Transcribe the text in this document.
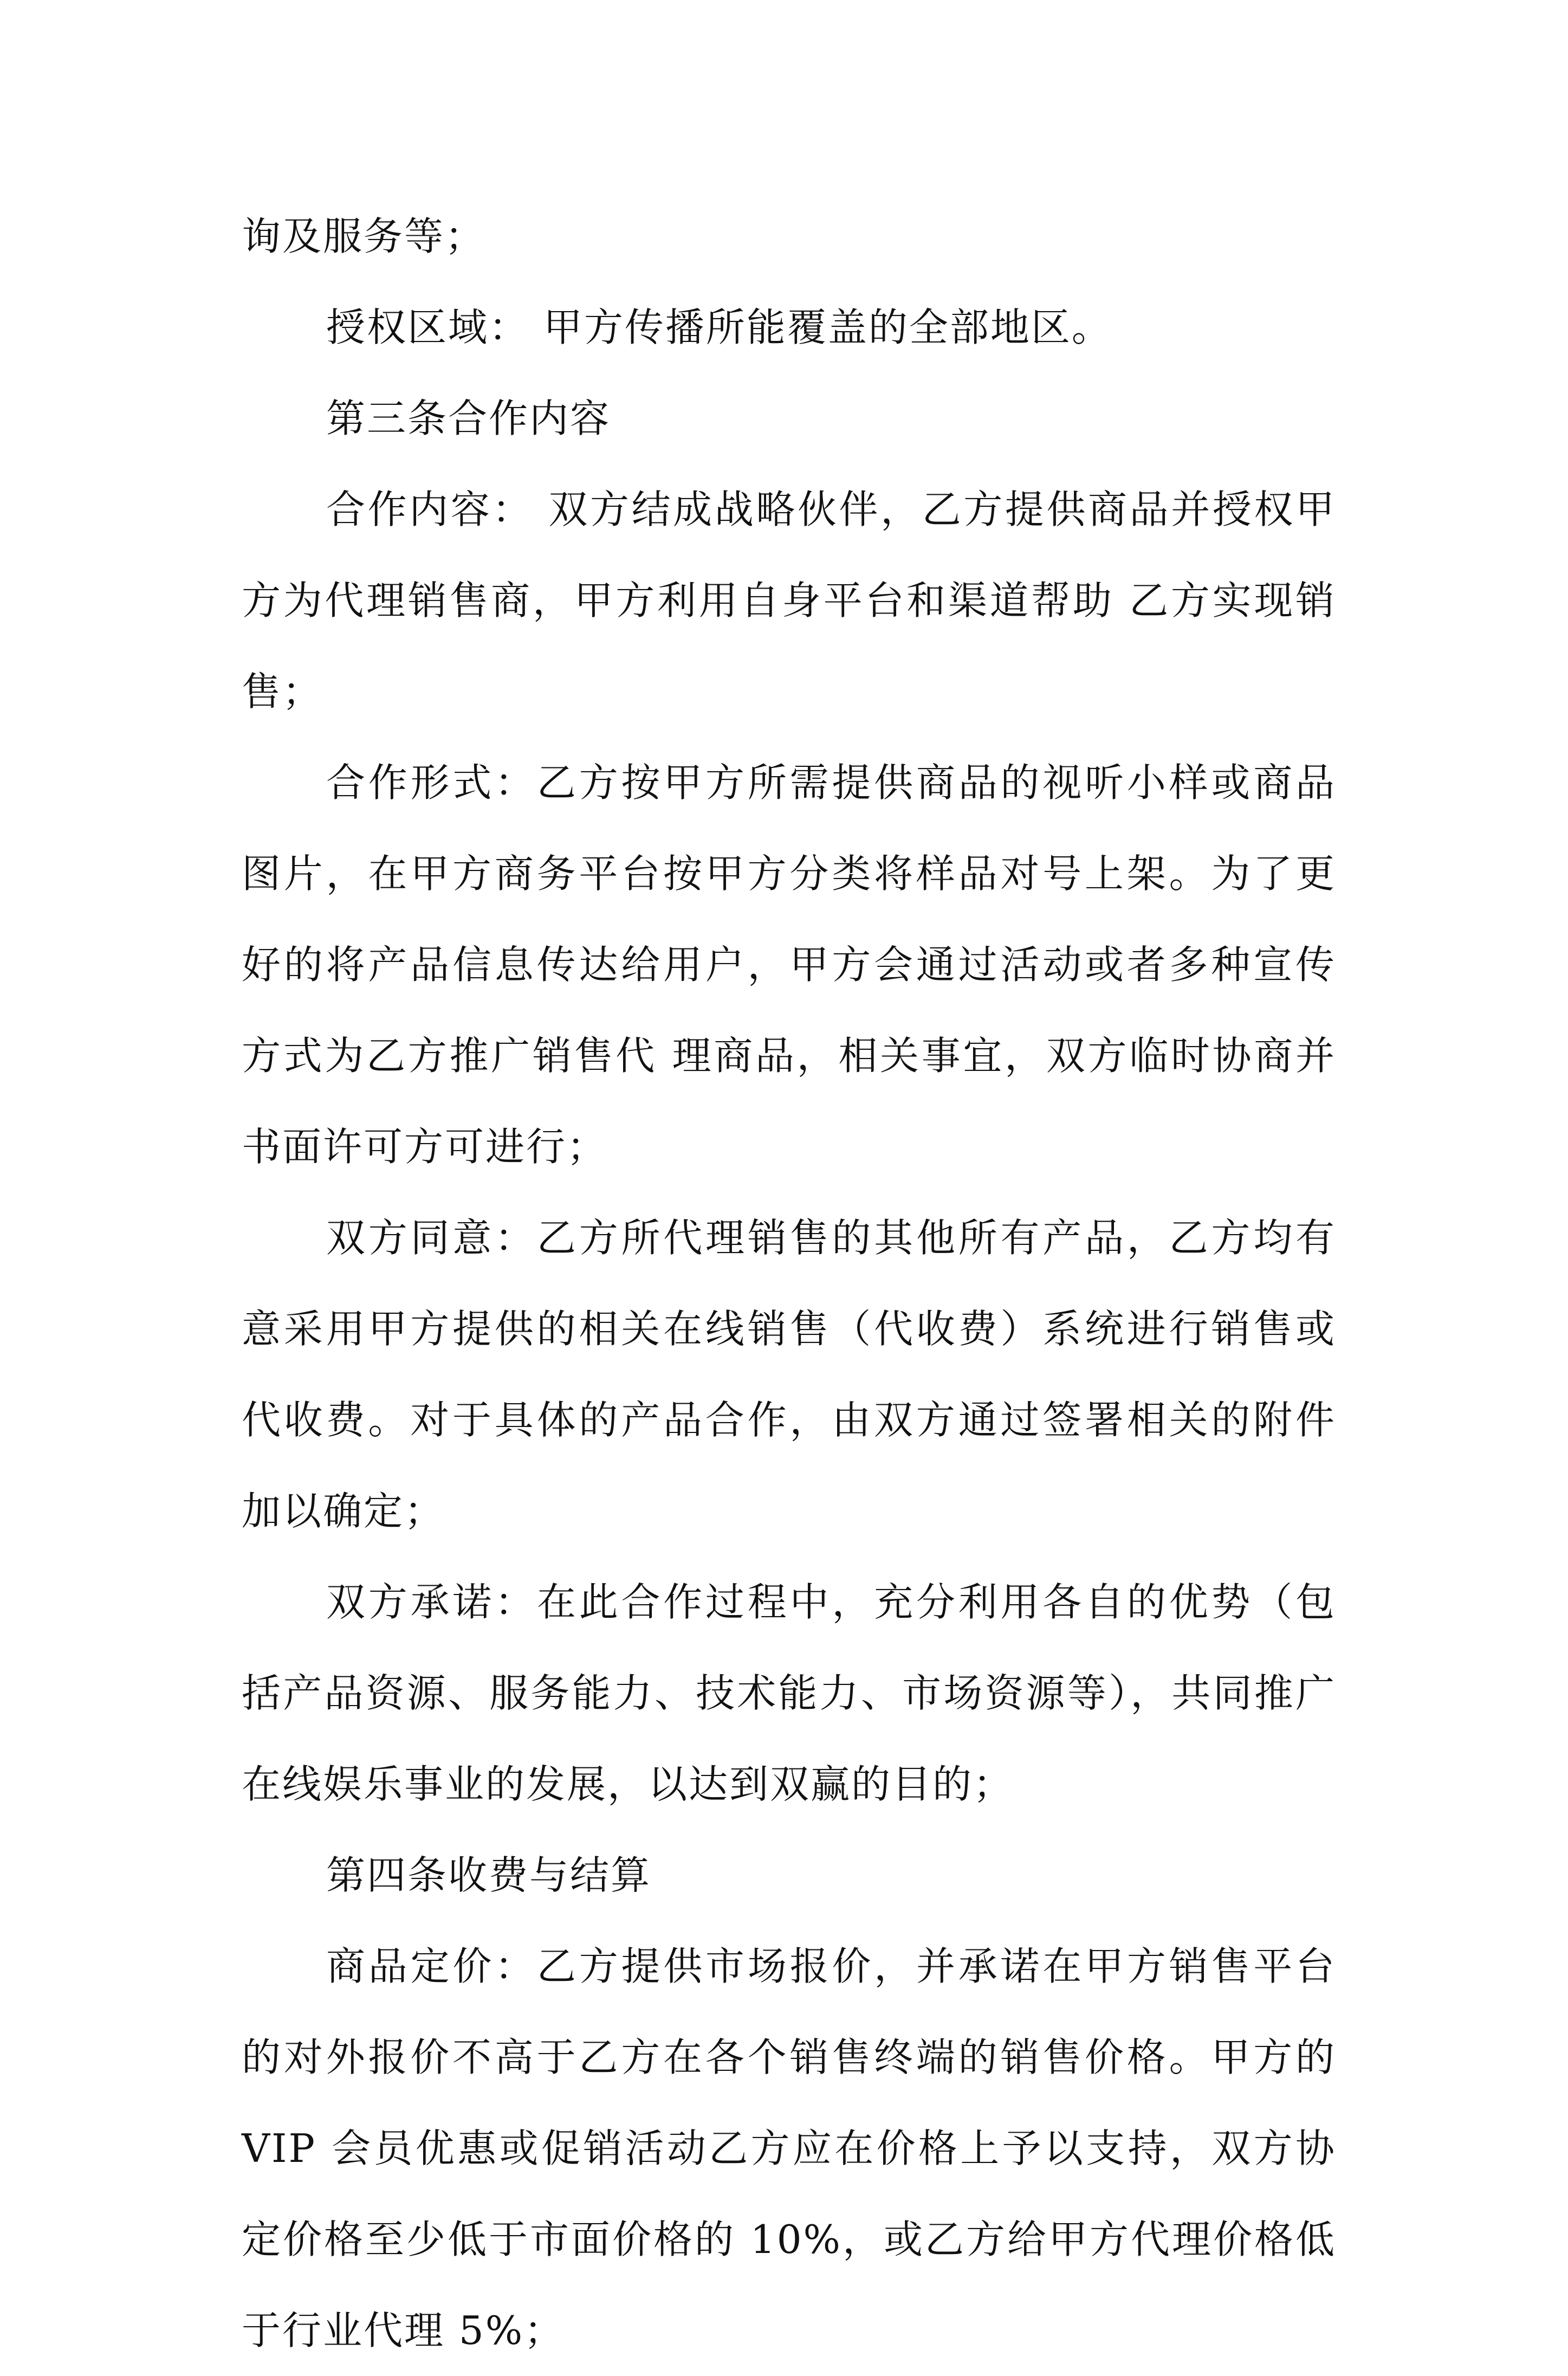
询及服务等；

授权区域： 甲方传播所能覆盖的全部地区。

第三条合作内容

合作内容： 双方结成战略伙伴，乙方提供商品并授权甲方为代理销售商，甲方利用自身平台和渠道帮助 乙方实现销售；

合作形式：乙方按甲方所需提供商品的视听小样或商品图片，在甲方商务平台按甲方分类将样品对号上架。为了更好的将产品信息传达给用户，甲方会通过活动或者多种宣传方式为乙方推广销售代 理商品，相关事宜，双方临时协商并书面许可方可进行；

双方同意：乙方所代理销售的其他所有产品，乙方均有意采用甲方提供的相关在线销售（代收费）系统进行销售或代收费。对于具体的产品合作，由双方通过签署相关的附件加以确定；

双方承诺：在此合作过程中，充分利用各自的优势（包括产品资源、服务能力、技术能力、市场资源等），共同推广在线娱乐事业的发展，以达到双赢的目的；

第四条收费与结算

商品定价：乙方提供市场报价，并承诺在甲方销售平台的对外报价不高于乙方在各个销售终端的销售价格。甲方的VIP 会员优惠或促销活动乙方应在价格上予以支持，双方协定价格至少低于市面价格的 10%，或乙方给甲方代理价格低于行业代理 5%；
